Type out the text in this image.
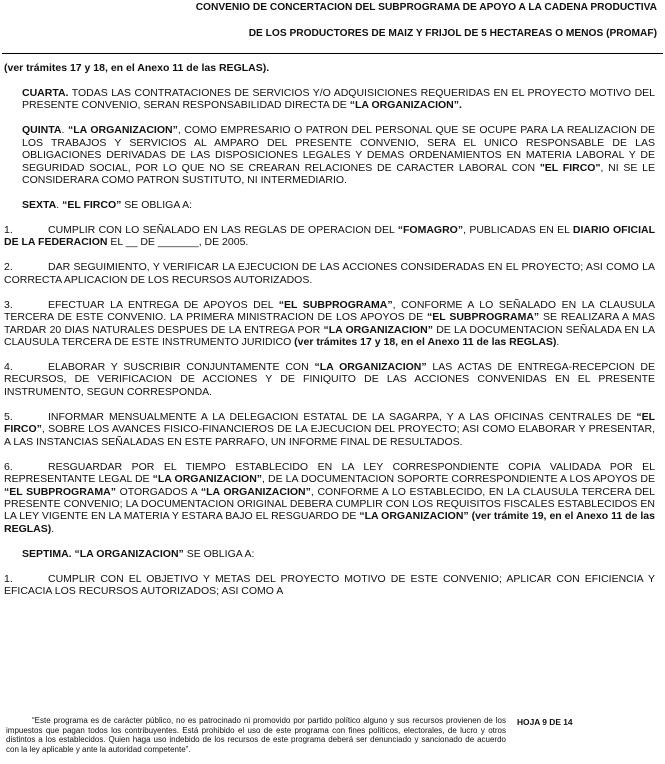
CONVENIO DE CONCERTACION DEL SUBPROGRAMA DE APOYO A LA CADENA PRODUCTIVA
DE LOS PRODUCTORES DE MAIZ Y FRIJOL DE 5 HECTAREAS O MENOS (PROMAF)

(ver trámites 17 y 18, en el Anexo 11 de las REGLAS).

CUARTA. TODAS LAS CONTRATACIONES DE SERVICIOS Y/O ADQUISICIONES REQUERIDAS EN EL PROYECTO MOTIVO DEL PRESENTE CONVENIO, SERAN RESPONSABILIDAD DIRECTA DE “LA ORGANIZACION”.

QUINTA. “LA ORGANIZACION”, COMO EMPRESARIO O PATRON DEL PERSONAL QUE SE OCUPE PARA LA REALIZACION DE LOS TRABAJOS Y SERVICIOS AL AMPARO DEL PRESENTE CONVENIO, SERA EL UNICO RESPONSABLE DE LAS OBLIGACIONES DERIVADAS DE LAS DISPOSICIONES LEGALES Y DEMAS ORDENAMIENTOS EN MATERIA LABORAL Y DE SEGURIDAD SOCIAL, POR LO QUE NO SE CREARAN RELACIONES DE CARACTER LABORAL CON "EL FIRCO", NI SE LE CONSIDERARA COMO PATRON SUSTITUTO, NI INTERMEDIARIO.

SEXTA. “EL FIRCO” SE OBLIGA A:

1.	CUMPLIR CON LO SEÑALADO EN LAS REGLAS DE OPERACION DEL “FOMAGRO”, PUBLICADAS EN EL DIARIO OFICIAL DE LA FEDERACION EL __ DE _______, DE 2005.

2.	DAR SEGUIMIENTO, Y VERIFICAR LA EJECUCION DE LAS ACCIONES CONSIDERADAS EN EL PROYECTO; ASI COMO LA CORRECTA APLICACION DE LOS RECURSOS AUTORIZADOS.

3.	EFECTUAR LA ENTREGA DE APOYOS DEL “EL SUBPROGRAMA”, CONFORME A LO SEÑALADO EN LA CLAUSULA TERCERA DE ESTE CONVENIO. LA PRIMERA MINISTRACION DE LOS APOYOS DE “EL SUBPROGRAMA” SE REALIZARA A MAS TARDAR 20 DIAS NATURALES DESPUES DE LA ENTREGA POR “LA ORGANIZACION” DE LA DOCUMENTACION SEÑALADA EN LA CLAUSULA TERCERA DE ESTE INSTRUMENTO JURIDICO (ver trámites 17 y 18, en el Anexo 11 de las REGLAS).

4.	ELABORAR Y SUSCRIBIR CONJUNTAMENTE CON “LA ORGANIZACION” LAS ACTAS DE ENTREGA-RECEPCION DE RECURSOS, DE VERIFICACION DE ACCIONES Y DE FINIQUITO DE LAS ACCIONES CONVENIDAS EN EL PRESENTE INSTRUMENTO, SEGUN CORRESPONDA.

5.	INFORMAR MENSUALMENTE A LA DELEGACION ESTATAL DE LA SAGARPA, Y A LAS OFICINAS CENTRALES DE “EL FIRCO”, SOBRE LOS AVANCES FISICO-FINANCIEROS DE LA EJECUCION DEL PROYECTO; ASI COMO ELABORAR Y PRESENTAR, A LAS INSTANCIAS SEÑALADAS EN ESTE PARRAFO, UN INFORME FINAL DE RESULTADOS.

6.	RESGUARDAR POR EL TIEMPO ESTABLECIDO EN LA LEY CORRESPONDIENTE COPIA VALIDADA POR EL REPRESENTANTE LEGAL DE “LA ORGANIZACION”, DE LA DOCUMENTACION SOPORTE CORRESPONDIENTE A LOS APOYOS DE “EL SUBPROGRAMA” OTORGADOS A “LA ORGANIZACION”, CONFORME A LO ESTABLECIDO, EN LA CLAUSULA TERCERA DEL PRESENTE CONVENIO; LA DOCUMENTACION ORIGINAL DEBERA CUMPLIR CON LOS REQUISITOS FISCALES ESTABLECIDOS EN LA LEY VIGENTE EN LA MATERIA Y ESTARA BAJO EL RESGUARDO DE “LA ORGANIZACION” (ver trámite 19, en el Anexo 11 de las REGLAS).

SEPTIMA. “LA ORGANIZACION” SE OBLIGA A:

1.	CUMPLIR CON EL OBJETIVO Y METAS DEL PROYECTO MOTIVO DE ESTE CONVENIO; APLICAR CON EFICIENCIA Y EFICACIA LOS RECURSOS AUTORIZADOS; ASI COMO A

“Este programa es de carácter público, no es patrocinado ni promovido por partido político alguno y sus recursos provienen de los impuestos que pagan todos los contribuyentes. Está prohibido el uso de este programa con fines políticos, electorales, de lucro y otros distintos a los establecidos. Quien haga uso indebido de los recursos de este programa deberá ser denunciado y sancionado de acuerdo con la ley aplicable y ante la autoridad competente”.
HOJA 9 DE 14
